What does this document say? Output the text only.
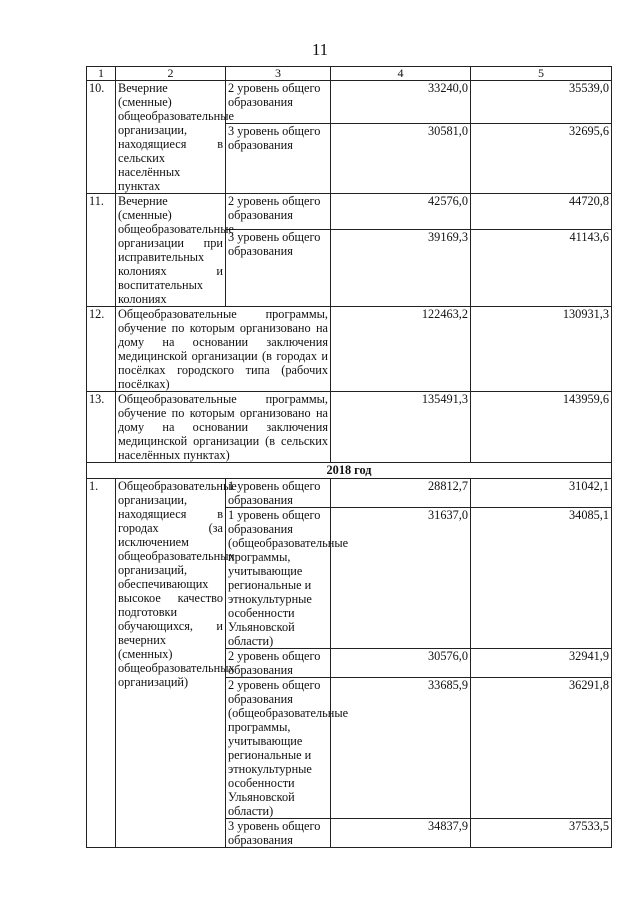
11
1	2	3	4	5
10.	Вечерние (сменные) общеобразовательные организации, находящиеся в сельских населённых пунктах	2 уровень общего образования	33240,0	35539,0
		3 уровень общего образования	30581,0	32695,6
11.	Вечерние (сменные) общеобразовательные организации при исправительных колониях и воспитательных колониях	2 уровень общего образования	42576,0	44720,8
		3 уровень общего образования	39169,3	41143,6
12.	Общеобразовательные программы, обучение по которым организовано на дому на основании заключения медицинской организации (в городах и посёлках городского типа (рабочих посёлках)		122463,2	130931,3
13.	Общеобразовательные программы, обучение по которым организовано на дому на основании заключения медицинской организации (в сельских населённых пунктах)		135491,3	143959,6
2018 год				
1.	Общеобразовательные организации, находящиеся в городах (за исключением общеобразовательных организаций, обеспечивающих высокое качество подготовки обучающихся, и вечерних (сменных) общеобразовательных организаций)	1 уровень общего образования	28812,7	31042,1
		1 уровень общего образования (общеобразовательные программы, учитывающие региональные и этнокультурные особенности Ульяновской области)	31637,0	34085,1
		2 уровень общего образования	30576,0	32941,9
		2 уровень общего образования (общеобразовательные программы, учитывающие региональные и этнокультурные особенности Ульяновской области)	33685,9	36291,8
		3 уровень общего образования	34837,9	37533,5
